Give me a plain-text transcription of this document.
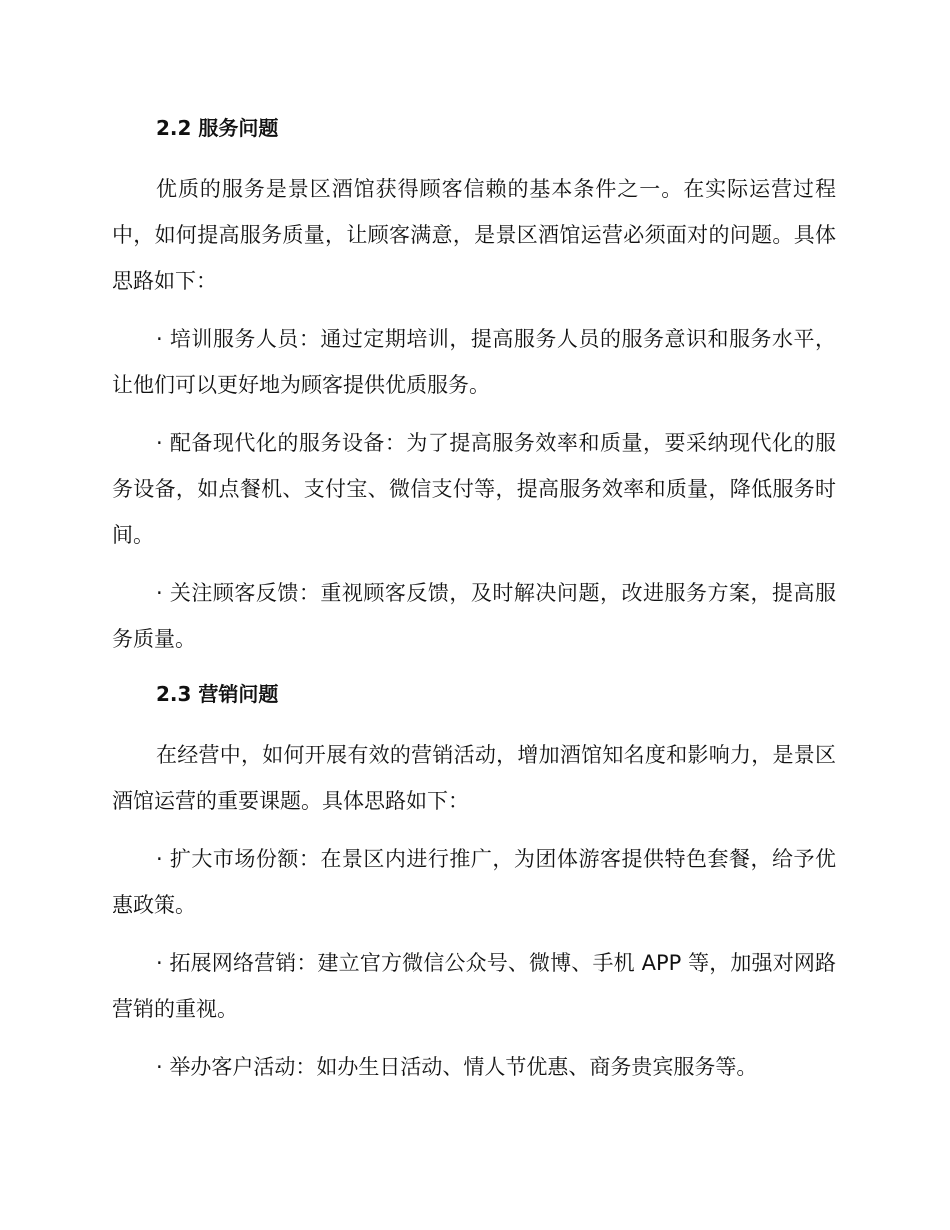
2.2 服务问题

优质的服务是景区酒馆获得顾客信赖的基本条件之一。在实际运营过程中，如何提高服务质量，让顾客满意，是景区酒馆运营必须面对的问题。具体思路如下：

· 培训服务人员：通过定期培训，提高服务人员的服务意识和服务水平，让他们可以更好地为顾客提供优质服务。

· 配备现代化的服务设备：为了提高服务效率和质量，要采纳现代化的服务设备，如点餐机、支付宝、微信支付等，提高服务效率和质量，降低服务时间。

· 关注顾客反馈：重视顾客反馈，及时解决问题，改进服务方案，提高服务质量。

2.3 营销问题

在经营中，如何开展有效的营销活动，增加酒馆知名度和影响力，是景区酒馆运营的重要课题。具体思路如下：

· 扩大市场份额：在景区内进行推广，为团体游客提供特色套餐，给予优惠政策。

· 拓展网络营销：建立官方微信公众号、微博、手机 APP 等，加强对网路营销的重视。

· 举办客户活动：如办生日活动、情人节优惠、商务贵宾服务等。
